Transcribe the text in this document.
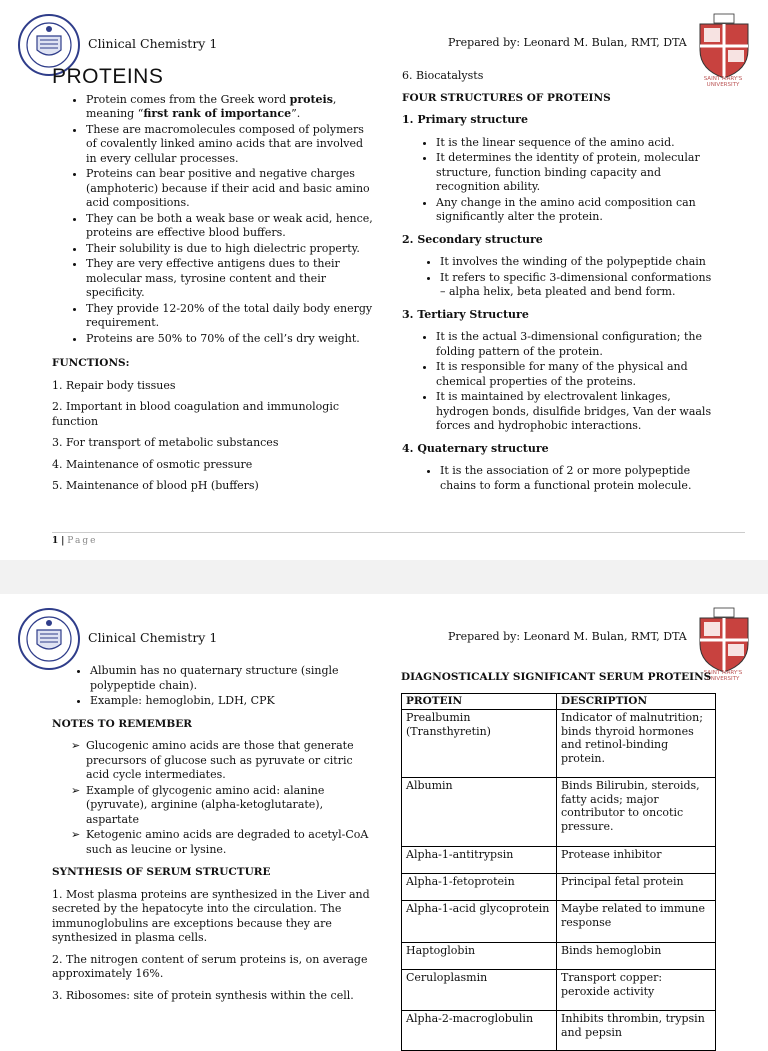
Clinical Chemistry 1	Prepared by: Leonard M. Bulan, RMT, DTA
SAINT MARY'S UNIVERSITY
PROTEINS
• Protein comes from the Greek word proteis, meaning “first rank of importance”.
• These are macromolecules composed of polymers of covalently linked amino acids that are involved in every cellular processes.
• Proteins can bear positive and negative charges (amphoteric) because if their acid and basic amino acid compositions.
• They can be both a weak base or weak acid, hence, proteins are effective blood buffers.
• Their solubility is due to high dielectric property.
• They are very effective antigens dues to their molecular mass, tyrosine content and their specificity.
• They provide 12-20% of the total daily body energy requirement.
• Proteins are 50% to 70% of the cell’s dry weight.
FUNCTIONS:

1. Repair body tissues

2. Important in blood coagulation and immunologic function

3. For transport of metabolic substances

4. Maintenance of osmotic pressure

5. Maintenance of blood pH (buffers)

6. Biocatalysts

FOUR STRUCTURES OF PROTEINS
1. Primary structure
• It is the linear sequence of the amino acid.
• It determines the identity of protein, molecular structure, function binding capacity and recognition ability.
• Any change in the amino acid composition can significantly alter the protein.
2. Secondary structure
• It involves the winding of the polypeptide chain
• It refers to specific 3-dimensional conformations – alpha helix, beta pleated and bend form.
3. Tertiary Structure
• It is the actual 3-dimensional configuration; the folding pattern of the protein.
• It is responsible for many of the physical and chemical properties of the proteins.
• It is maintained by electrovalent linkages, hydrogen bonds, disulfide bridges, Van der waals forces and hydrophobic interactions.
4. Quaternary structure
• It is the association of 2 or more polypeptide chains to form a functional protein molecule.
1 | Page
Clinical Chemistry 1	Prepared by: Leonard M. Bulan, RMT, DTA
SAINT MARY'S UNIVERSITY
• Albumin has no quaternary structure (single polypeptide chain).
• Example: hemoglobin, LDH, CPK
NOTES TO REMEMBER
➢ Glucogenic amino acids are those that generate precursors of glucose such as pyruvate or citric acid cycle intermediates.
➢ Example of glycogenic amino acid: alanine (pyruvate), arginine (alpha-ketoglutarate), aspartate
➢ Ketogenic amino acids are degraded to acetyl-CoA such as leucine or lysine.
SYNTHESIS OF SERUM STRUCTURE

1. Most plasma proteins are synthesized in the Liver and secreted by the hepatocyte into the circulation. The immunoglobulins are exceptions because they are synthesized in plasma cells.

2. The nitrogen content of serum proteins is, on average approximately 16%.

3. Ribosomes: site of protein synthesis within the cell.

DIAGNOSTICALLY SIGNIFICANT SERUM PROTEINS
PROTEIN	DESCRIPTION
Prealbumin (Transthyretin)	Indicator of malnutrition; binds thyroid hormones and retinol-binding protein.
Albumin	Binds Bilirubin, steroids, fatty acids; major contributor to oncotic pressure.
Alpha-1-antitrypsin	Protease inhibitor
Alpha-1-fetoprotein	Principal fetal protein
Alpha-1-acid glycoprotein	Maybe related to immune response
Haptoglobin	Binds hemoglobin
Ceruloplasmin	Transport copper: peroxide activity
Alpha-2-macroglobulin	Inhibits thrombin, trypsin and pepsin
